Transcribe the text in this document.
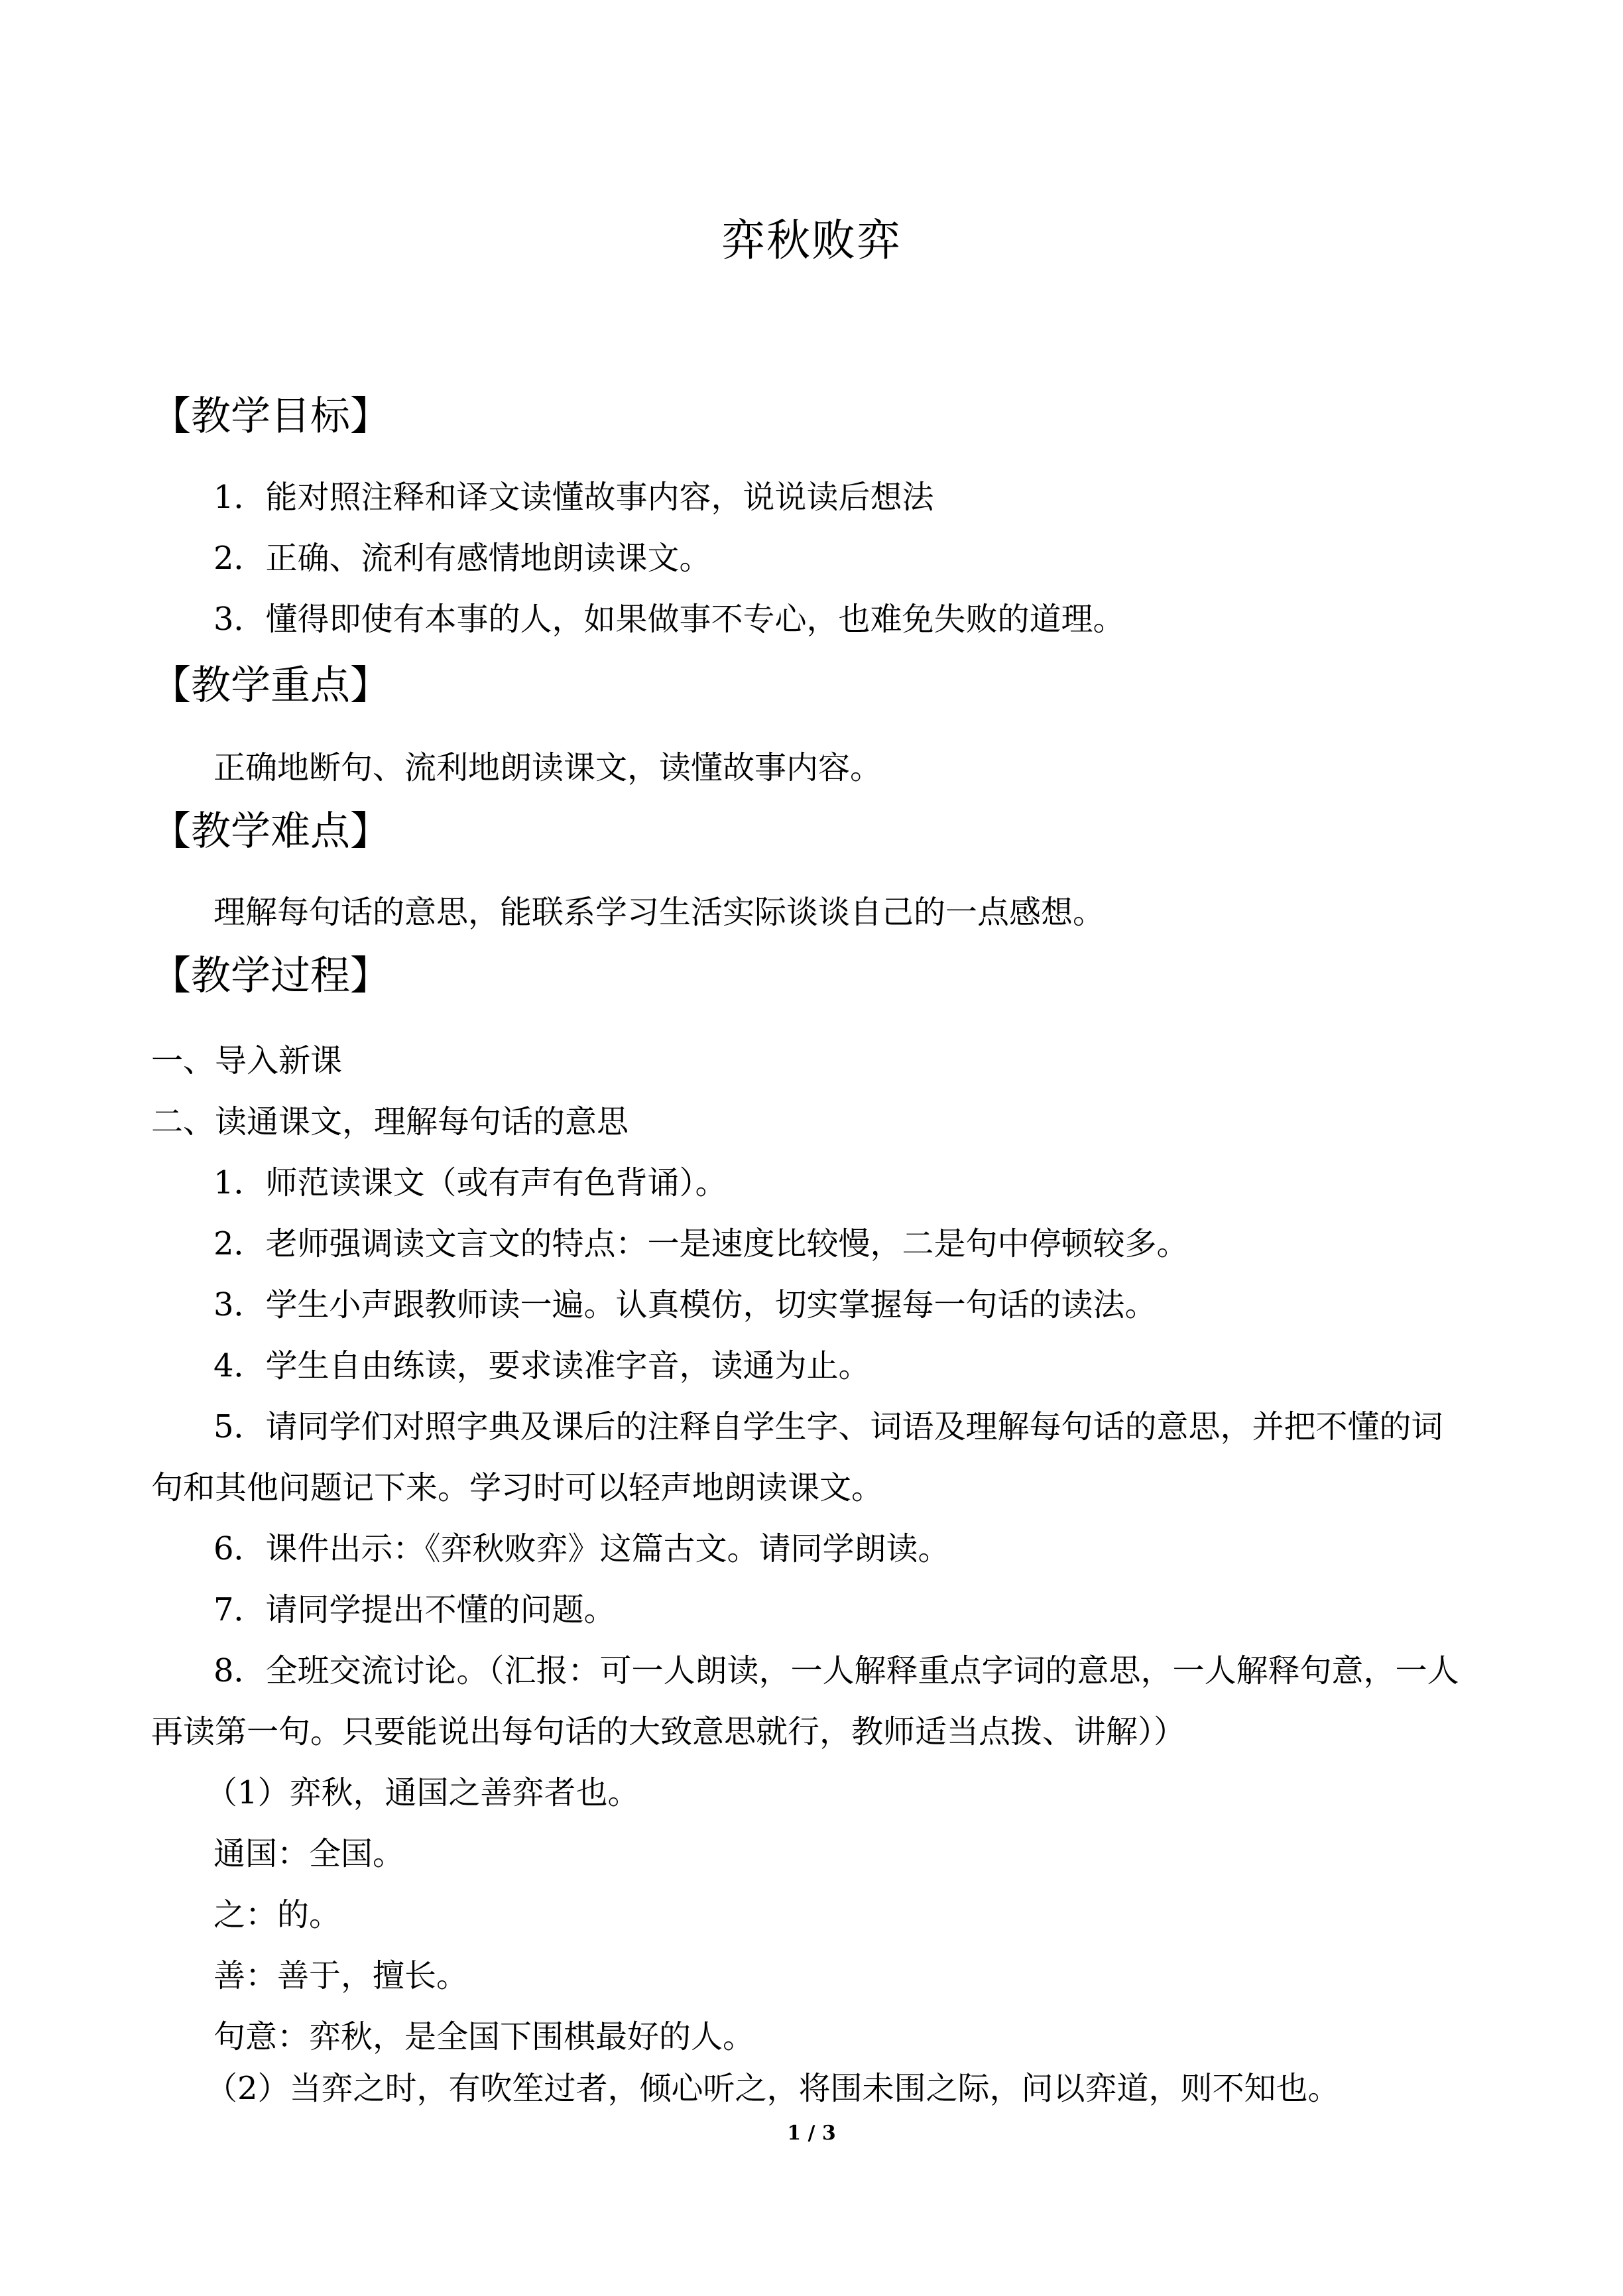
弈秋败弈
【教学目标】
1．能对照注释和译文读懂故事内容，说说读后想法
2．正确、流利有感情地朗读课文。
3．懂得即使有本事的人，如果做事不专心，也难免失败的道理。
【教学重点】
正确地断句、流利地朗读课文，读懂故事内容。
【教学难点】
理解每句话的意思，能联系学习生活实际谈谈自己的一点感想。
【教学过程】
一、导入新课
二、读通课文，理解每句话的意思
1．师范读课文（或有声有色背诵）。
2．老师强调读文言文的特点：一是速度比较慢，二是句中停顿较多。
3．学生小声跟教师读一遍。认真模仿，切实掌握每一句话的读法。
4．学生自由练读，要求读准字音，读通为止。
5．请同学们对照字典及课后的注释自学生字、词语及理解每句话的意思，并把不懂的词
句和其他问题记下来。学习时可以轻声地朗读课文。
6．课件出示：《弈秋败弈》这篇古文。请同学朗读。
7．请同学提出不懂的问题。
8．全班交流讨论。（汇报：可一人朗读，一人解释重点字词的意思，一人解释句意，一人
再读第一句。只要能说出每句话的大致意思就行，教师适当点拨、讲解））
（1）弈秋，通国之善弈者也。
通国：全国。
之：的。
善：善于，擅长。
句意：弈秋，是全国下围棋最好的人。
（2）当弈之时，有吹笙过者，倾心听之，将围未围之际，问以弈道，则不知也。
1 / 3
